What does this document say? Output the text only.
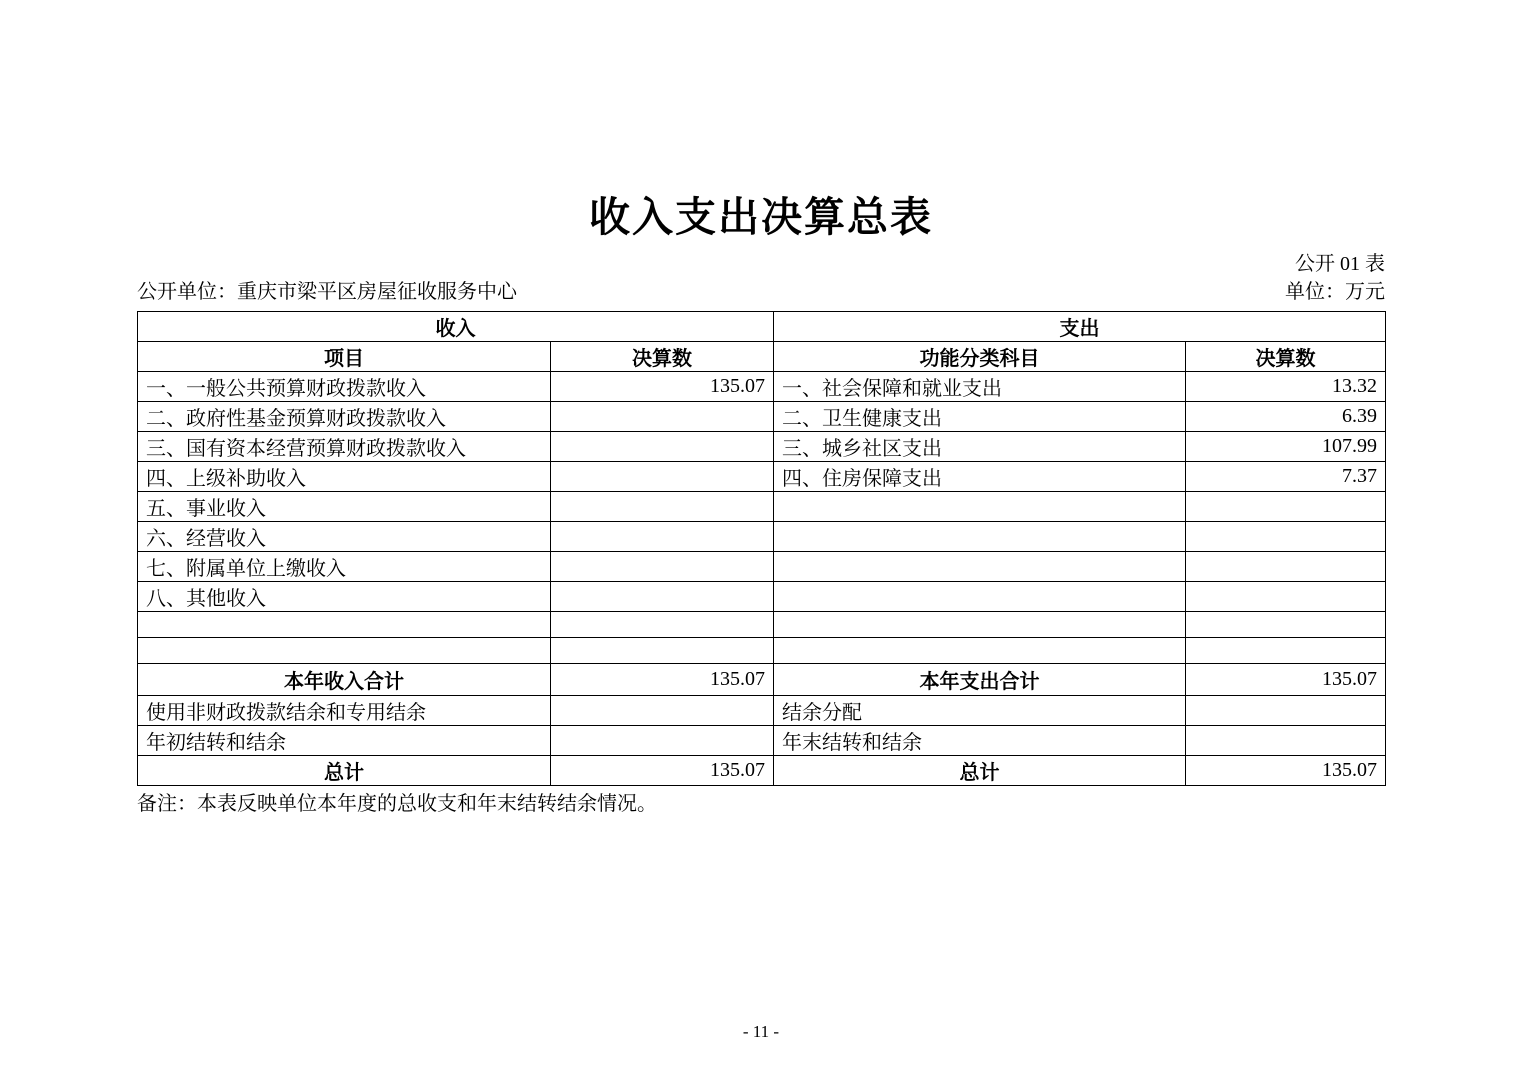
收入支出决算总表
公开 01 表
公开单位：重庆市梁平区房屋征收服务中心	单位：万元
收入		支出	
项目	决算数	功能分类科目	决算数
一、一般公共预算财政拨款收入	135.07	一、社会保障和就业支出	13.32
二、政府性基金预算财政拨款收入		二、卫生健康支出	6.39
三、国有资本经营预算财政拨款收入		三、城乡社区支出	107.99
四、上级补助收入		四、住房保障支出	7.37
五、事业收入			
六、经营收入			
七、附属单位上缴收入			
八、其他收入			

本年收入合计	135.07	本年支出合计	135.07
使用非财政拨款结余和专用结余		结余分配	
年初结转和结余		年末结转和结余	
总计	135.07	总计	135.07
备注：本表反映单位本年度的总收支和年末结转结余情况。
- 11 -
